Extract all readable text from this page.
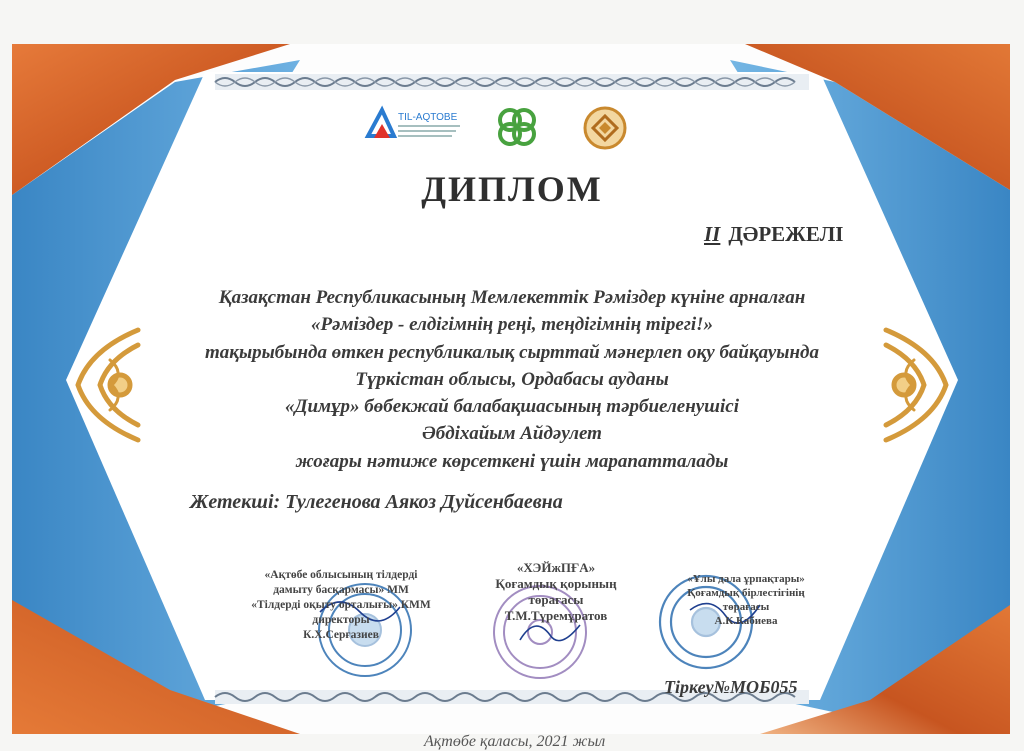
TIL-AQTOBE
ДИПЛОМ
II ДӘРЕЖЕЛІ
Қазақстан Республикасының Мемлекеттік Рәміздер күніне арналған
«Рәміздер - елдігімнің реңі, теңдігімнің тірегі!»
тақырыбында өткен республикалық сырттай мәнерлеп оқу байқауында
Түркістан облысы, Ордабасы ауданы
«Димұр» бөбекжай балабақшасының тәрбиеленушісі
Әбдіхайым Айдәулет
жоғары нәтиже көрсеткені үшін марапатталады
Жетекші: Тулегенова Аякоз Дуйсенбаевна
«Ақтөбе облысының тілдерді
дамыту басқармасы» ММ
«Тілдерді оқыту орталығы» КММ
директоры
К.Х.Серғазиев
«ХЭЙжПҒА»
Қоғамдық қорының
төрағасы
Т.М.Түремұратов
«Ұлы дала ұрпақтары»
Қоғамдық бірлестігінің
төрағасы
А.К.Кабиева
Тіркеу№МОБ055
Ақтөбе қаласы, 2021 жыл
